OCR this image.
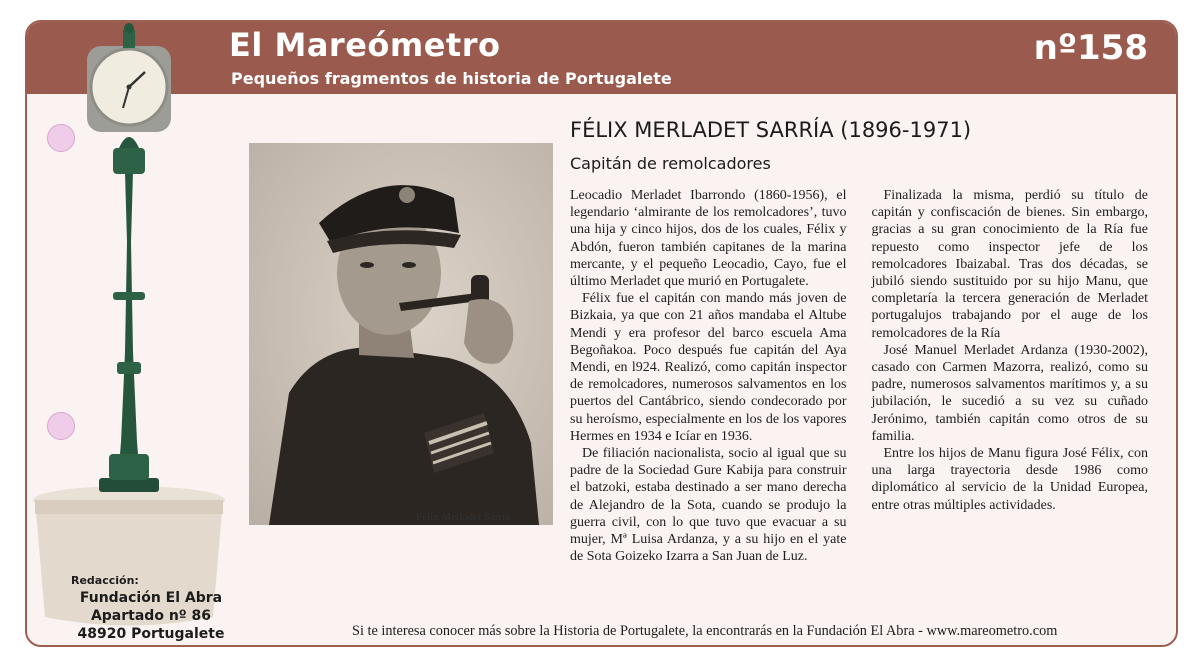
El Mareómetro
Pequeños fragmentos de historia de Portugalete
nº158
Redacción:
Fundación El Abra
Apartado nº 86
48920 Portugalete
Félix Merladet Sarría
FÉLIX MERLADET SARRÍA (1896-1971)
Capitán de remolcadores

Leocadio Merladet Ibarrondo (1860-1956), el legendario ‘almirante de los remolcadores’, tuvo una hija y cinco hijos, dos de los cuales, Félix y Abdón, fueron también capitanes de la marina mercante, y el pequeño Leocadio, Cayo, fue el último Merladet que murió en Portugalete.

Félix fue el capitán con mando más joven de Bizkaia, ya que con 21 años mandaba el Altube Mendi y era profesor del barco escuela Ama Begoñakoa. Poco después fue capitán del Aya Mendi, en l924. Realizó, como capitán inspector de remolcadores, numerosos salvamentos en los puertos del Cantábrico, siendo condecorado por su heroísmo, especialmente en los de los vapores Hermes en 1934 e Icíar en 1936.

De filiación nacionalista, socio al igual que su padre de la Sociedad Gure Kabija para construir el batzoki, estaba destinado a ser mano derecha de Alejandro de la Sota, cuando se produjo la guerra civil, con lo que tuvo que evacuar a su mujer, Mª Luisa Ardanza, y a su hijo en el yate de Sota Goizeko Izarra a San Juan de Luz.

Finalizada la misma, perdió su título de capitán y confiscación de bienes. Sin embargo, gracias a su gran conocimiento de la Ría fue repuesto como inspector jefe de los remolcadores Ibaizabal. Tras dos décadas, se jubiló siendo sustituido por su hijo Manu, que completaría la tercera generación de Merladet portugalujos trabajando por el auge de los remolcadores de la Ría

José Manuel Merladet Ardanza (1930-2002), casado con Carmen Mazorra, realizó, como su padre, numerosos salvamentos marítimos y, a su jubilación, le sucedió a su vez su cuñado Jerónimo, también capitán como otros de su familia.

Entre los hijos de Manu figura José Félix, con una larga trayectoria desde 1986 como diplomático al servicio de la Unidad Europea, entre otras múltiples actividades.

Si te interesa conocer más sobre la Historia de Portugalete, la encontrarás en la Fundación El Abra - www.mareometro.com
